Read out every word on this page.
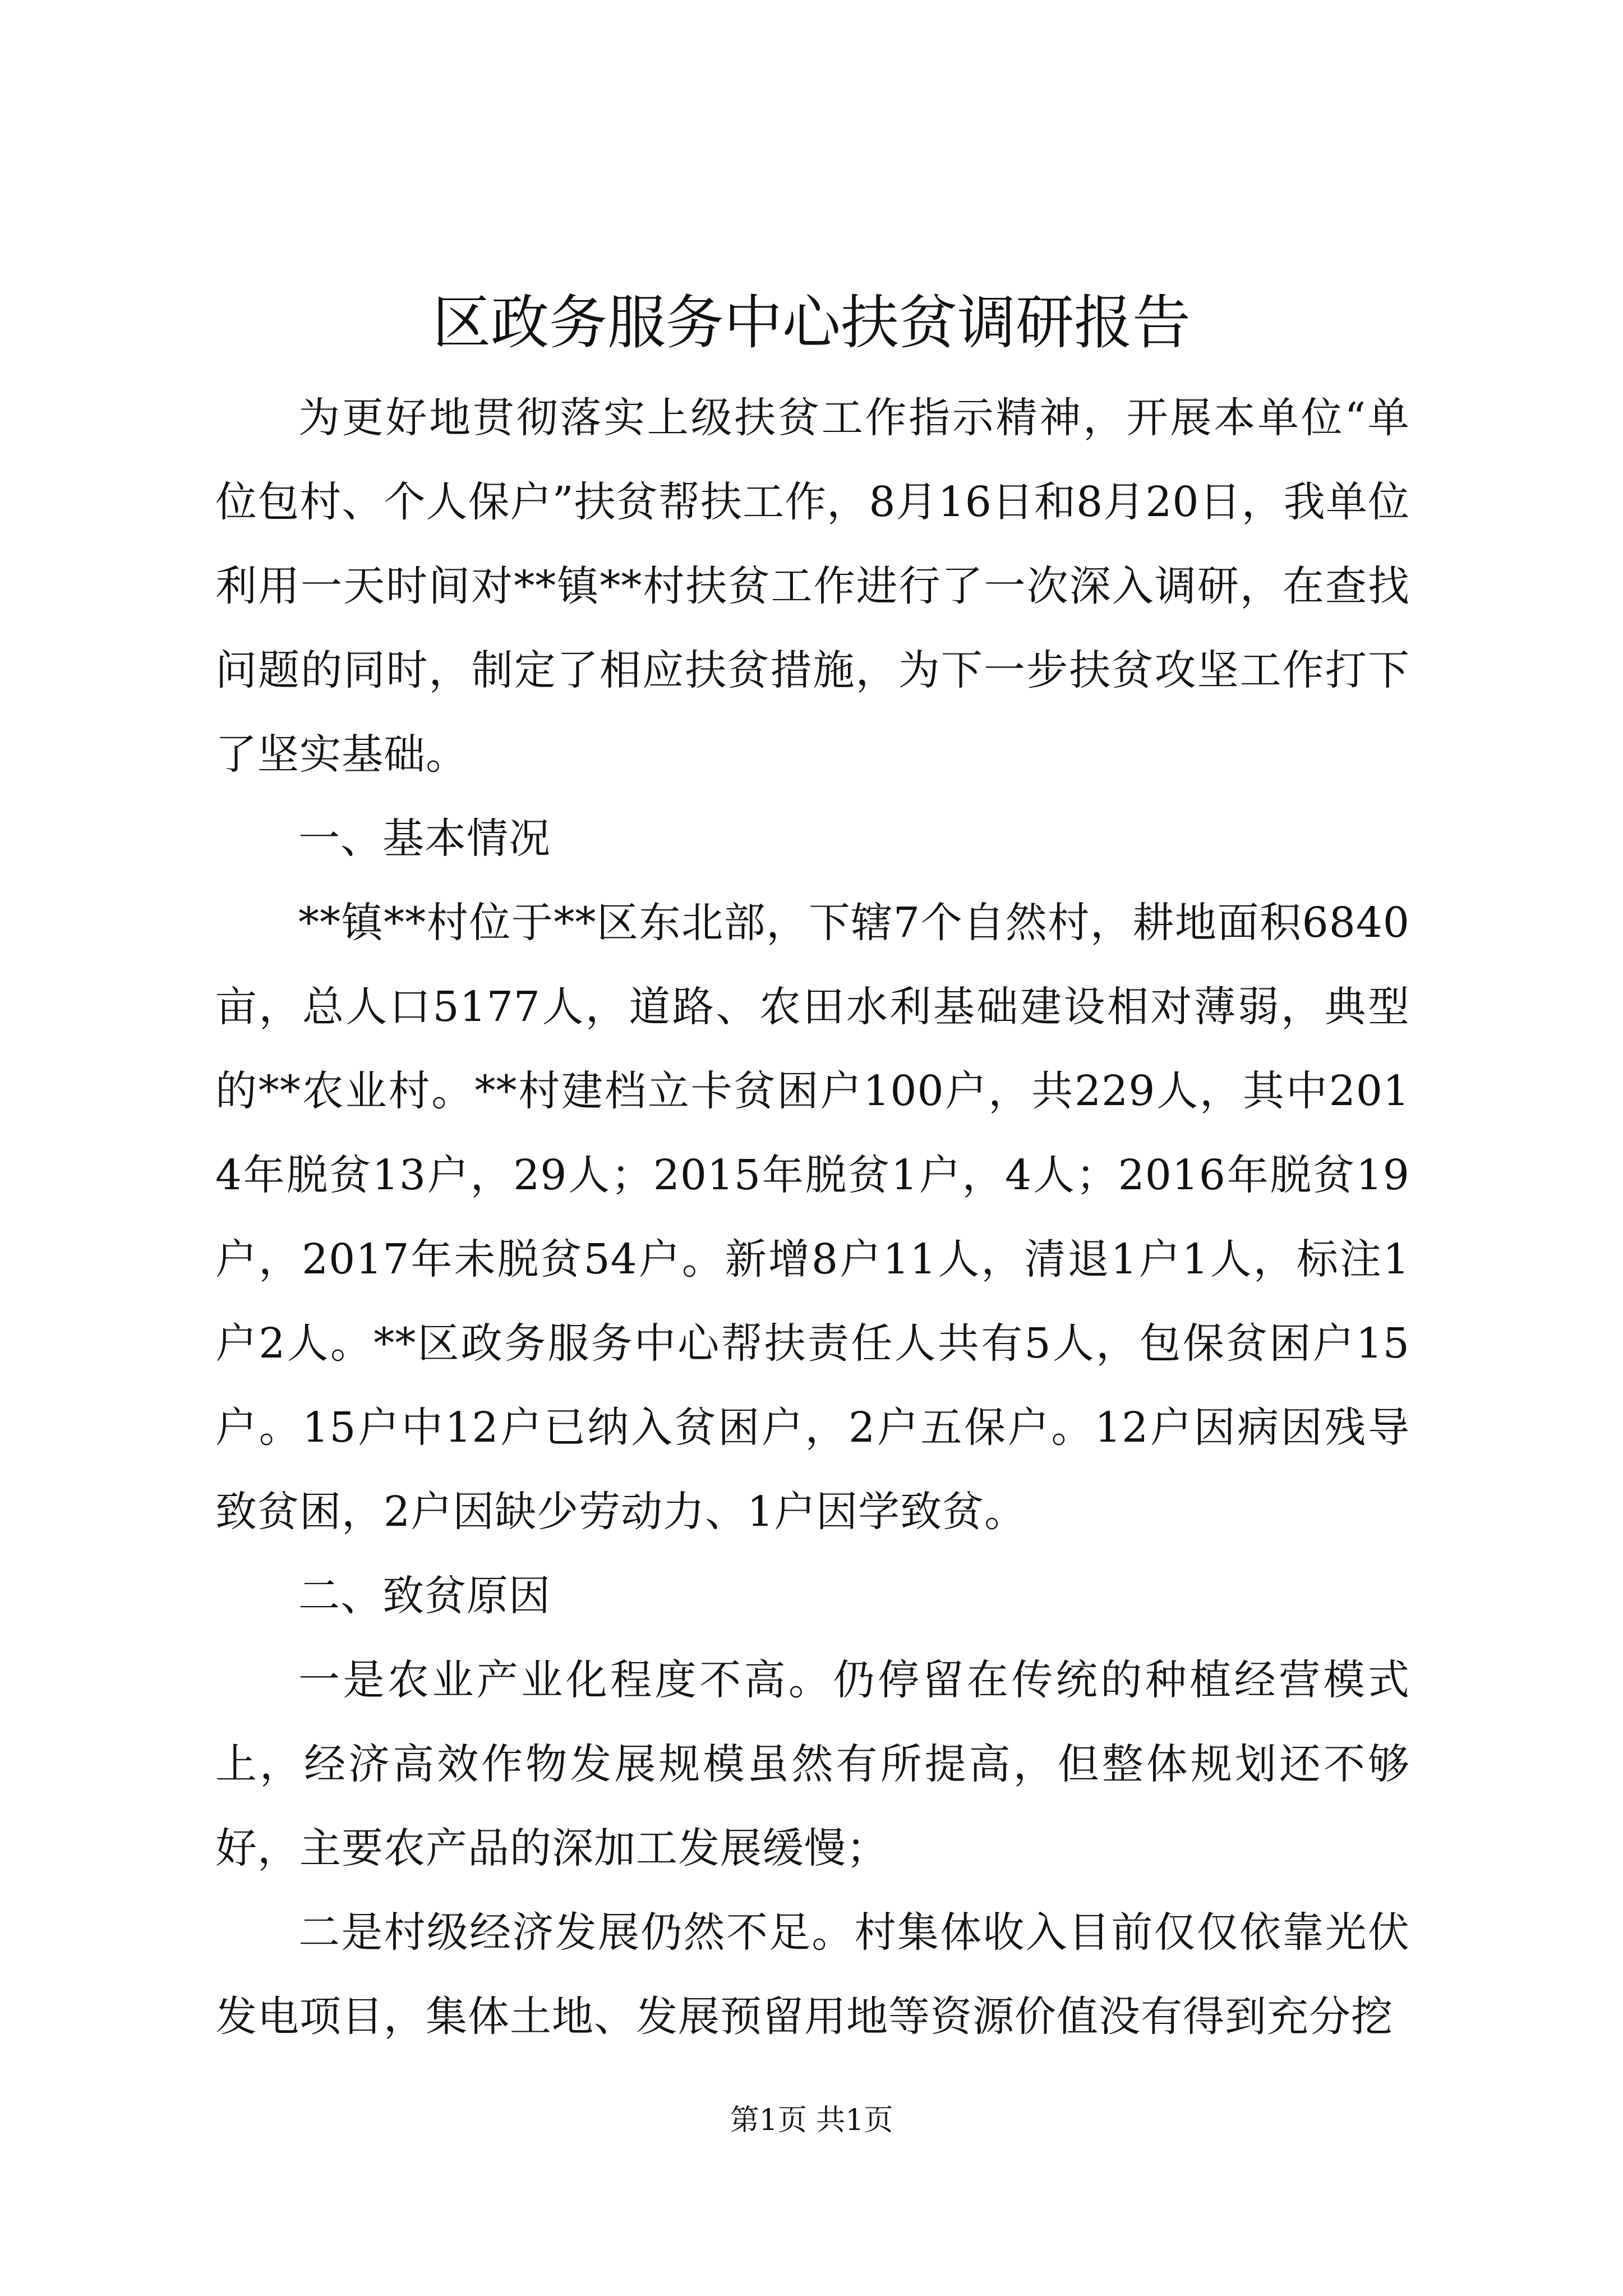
区政务服务中心扶贫调研报告

为更好地贯彻落实上级扶贫工作指示精神，开展本单位“单位包村、个人保户”扶贫帮扶工作，8月16日和8月20日，我单位利用一天时间对**镇**村扶贫工作进行了一次深入调研，在查找问题的同时，制定了相应扶贫措施，为下一步扶贫攻坚工作打下了坚实基础。

一、基本情况

**镇**村位于**区东北部，下辖7个自然村，耕地面积6840亩，总人口5177人，道路、农田水利基础建设相对薄弱，典型的**农业村。**村建档立卡贫困户100户，共229人，其中2014年脱贫13户，29人；2015年脱贫1户，4人；2016年脱贫19户，2017年未脱贫54户。新增8户11人，清退1户1人，标注1户2人。**区政务服务中心帮扶责任人共有5人，包保贫困户15户。15户中12户已纳入贫困户，2户五保户。12户因病因残导致贫困，2户因缺少劳动力、1户因学致贫。

二、致贫原因

一是农业产业化程度不高。仍停留在传统的种植经营模式上，经济高效作物发展规模虽然有所提高，但整体规划还不够好，主要农产品的深加工发展缓慢；

二是村级经济发展仍然不足。村集体收入目前仅仅依靠光伏发电项目，集体土地、发展预留用地等资源价值没有得到充分挖

第1页 共1页
